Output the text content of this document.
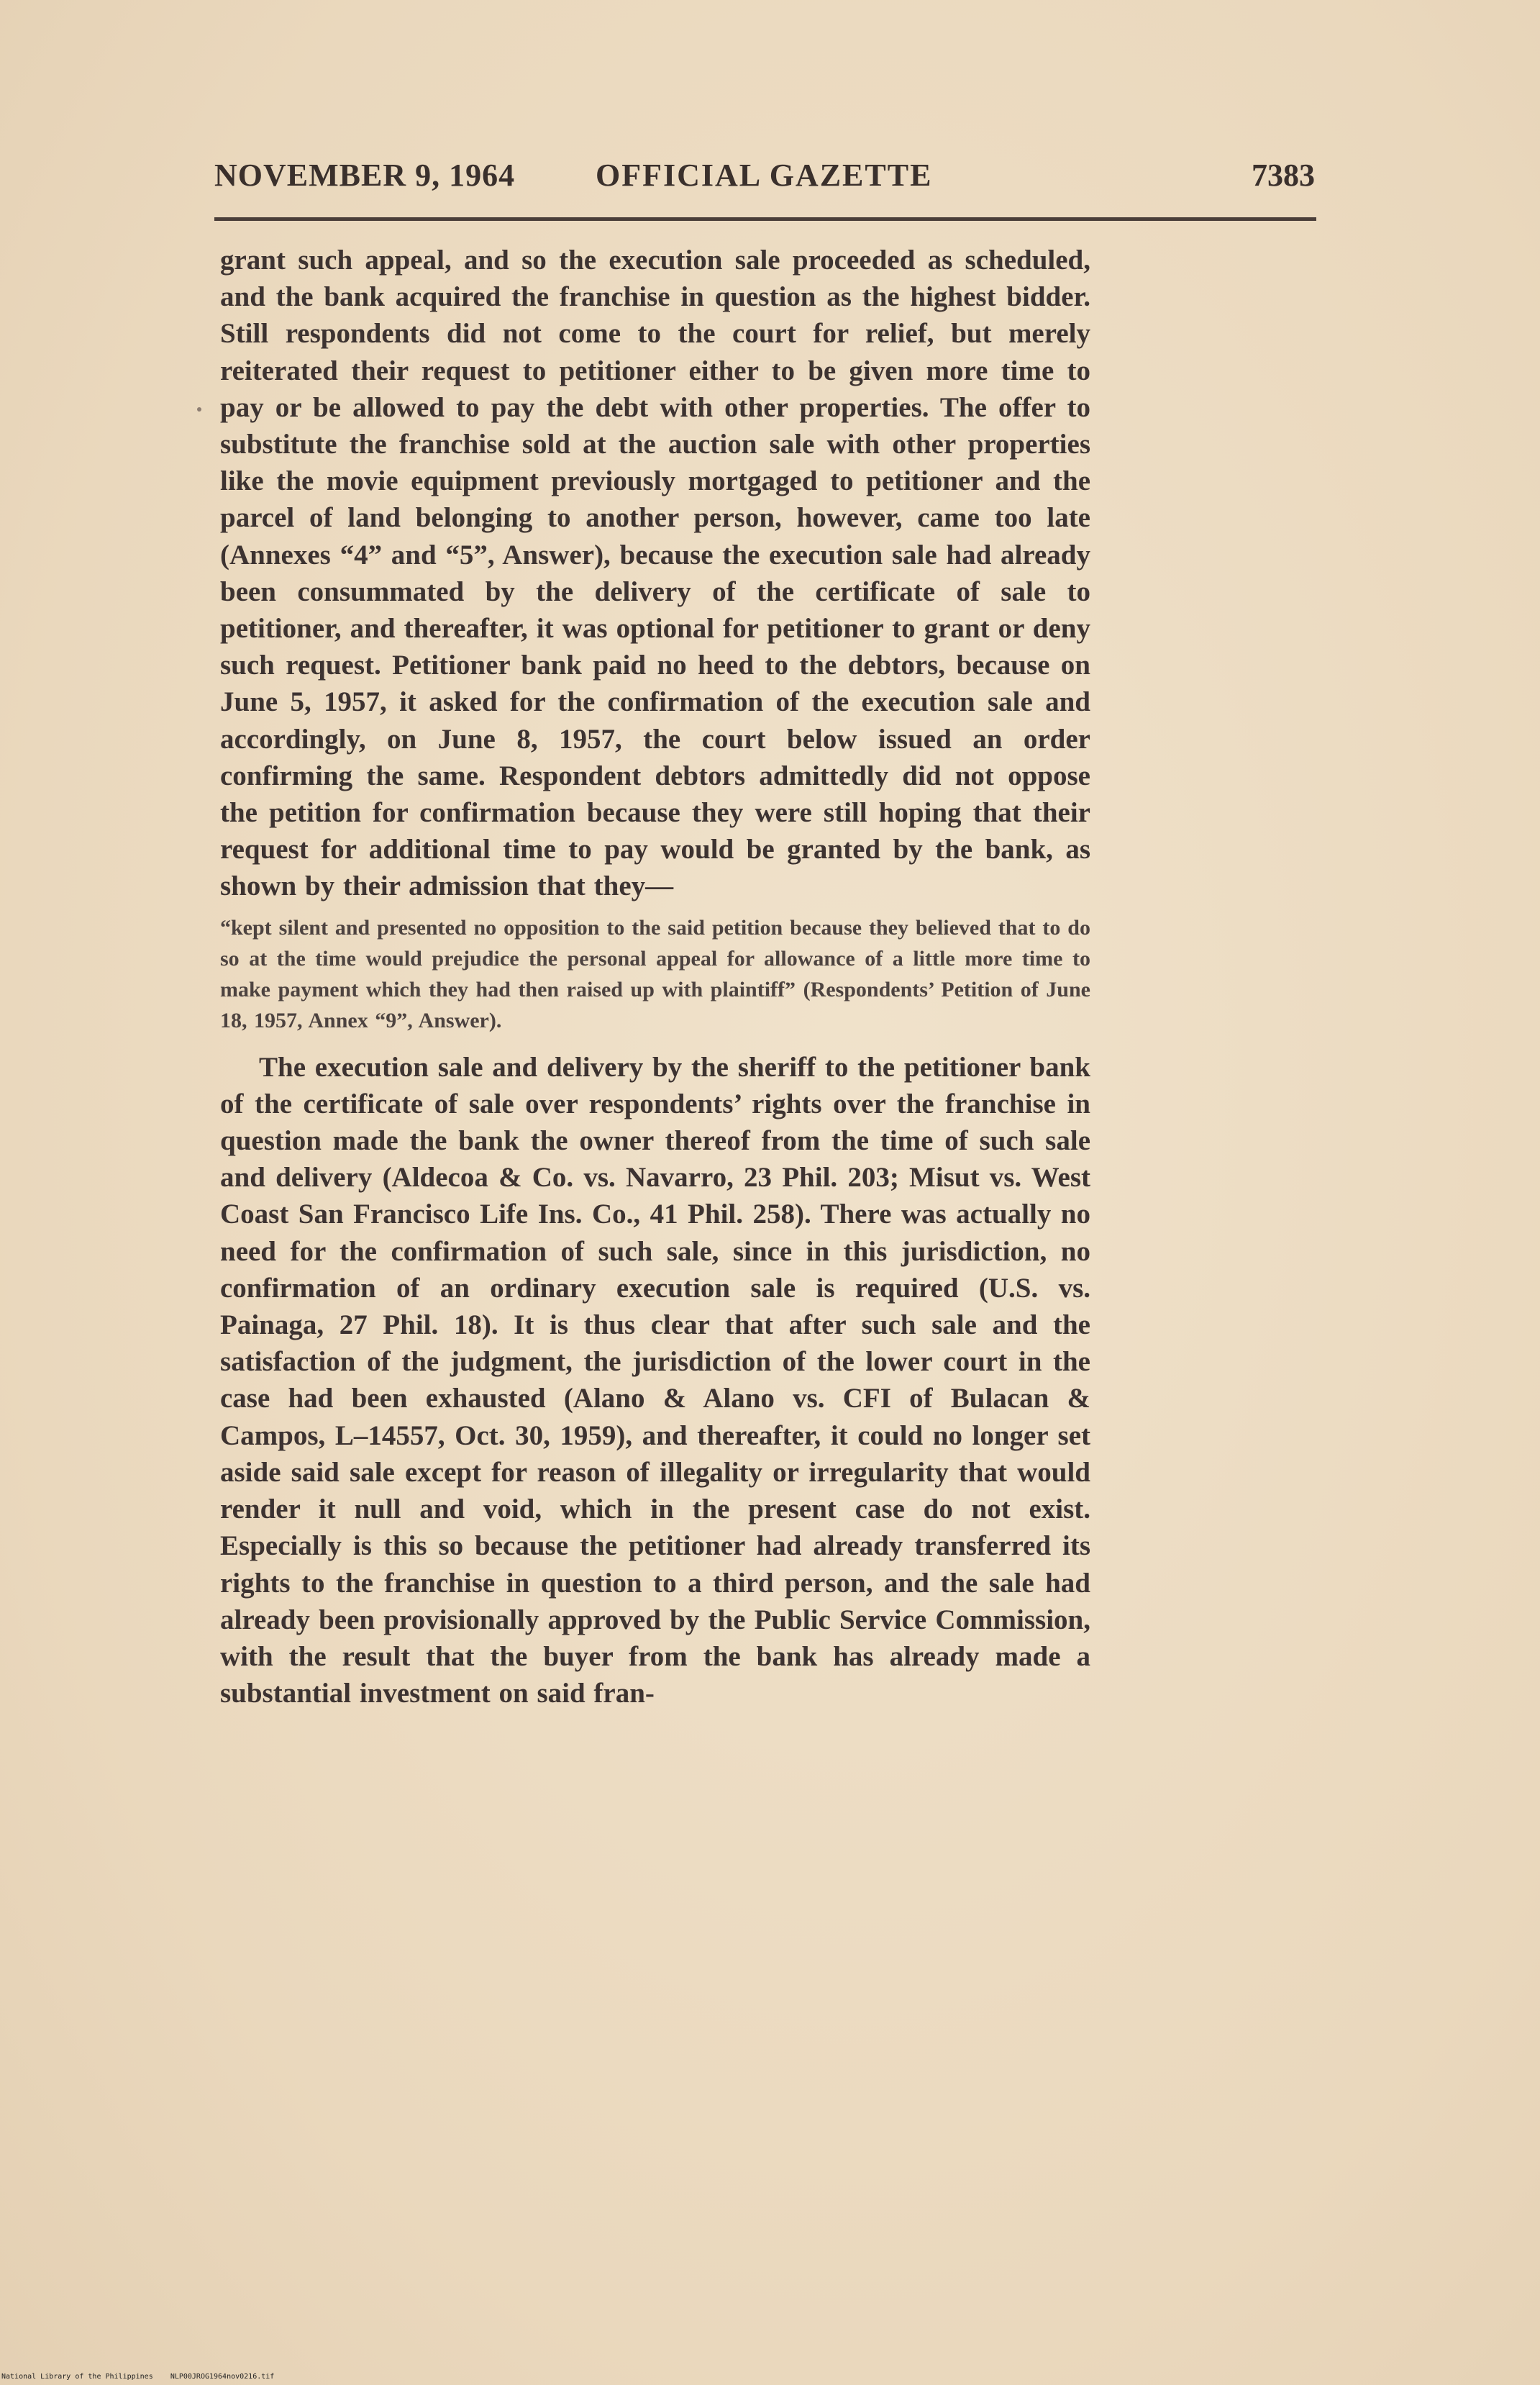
NOVEMBER 9, 1964	OFFICIAL GAZETTE	7383

grant such appeal, and so the execution sale proceeded as scheduled, and the bank acquired the franchise in question as the highest bidder. Still respondents did not come to the court for relief, but merely reiterated their request to petitioner either to be given more time to pay or be allowed to pay the debt with other properties. The offer to substitute the franchise sold at the auction sale with other properties like the movie equipment previously mortgaged to petitioner and the parcel of land belonging to another person, however, came too late (Annexes “4” and “5”, Answer), because the execution sale had already been consummated by the delivery of the certificate of sale to petitioner, and thereafter, it was optional for petitioner to grant or deny such request. Petitioner bank paid no heed to the debtors, because on June 5, 1957, it asked for the confirmation of the execution sale and accordingly, on June 8, 1957, the court below issued an order confirming the same. Respondent debtors admittedly did not oppose the petition for confirmation because they were still hoping that their request for additional time to pay would be granted by the bank, as shown by their admission that they—

“kept silent and presented no opposition to the said petition because they believed that to do so at the time would prejudice the personal appeal for allowance of a little more time to make payment which they had then raised up with plaintiff” (Respondents’ Petition of June 18, 1957, Annex “9”, Answer).

The execution sale and delivery by the sheriff to the petitioner bank of the certificate of sale over respondents’ rights over the franchise in question made the bank the owner thereof from the time of such sale and delivery (Aldecoa & Co. vs. Navarro, 23 Phil. 203; Misut vs. West Coast San Francisco Life Ins. Co., 41 Phil. 258). There was actually no need for the confirmation of such sale, since in this jurisdiction, no confirmation of an ordinary execution sale is required (U.S. vs. Painaga, 27 Phil. 18). It is thus clear that after such sale and the satisfaction of the judgment, the jurisdiction of the lower court in the case had been exhausted (Alano & Alano vs. CFI of Bulacan & Campos, L–14557, Oct. 30, 1959), and thereafter, it could no longer set aside said sale except for reason of illegality or irregularity that would render it null and void, which in the present case do not exist. Especially is this so because the petitioner had already transferred its rights to the franchise in question to a third person, and the sale had already been provisionally approved by the Public Service Commission, with the result that the buyer from the bank has already made a substantial investment on said fran-

National Library of the Philippines NLP00JROG1964nov0216.tif
